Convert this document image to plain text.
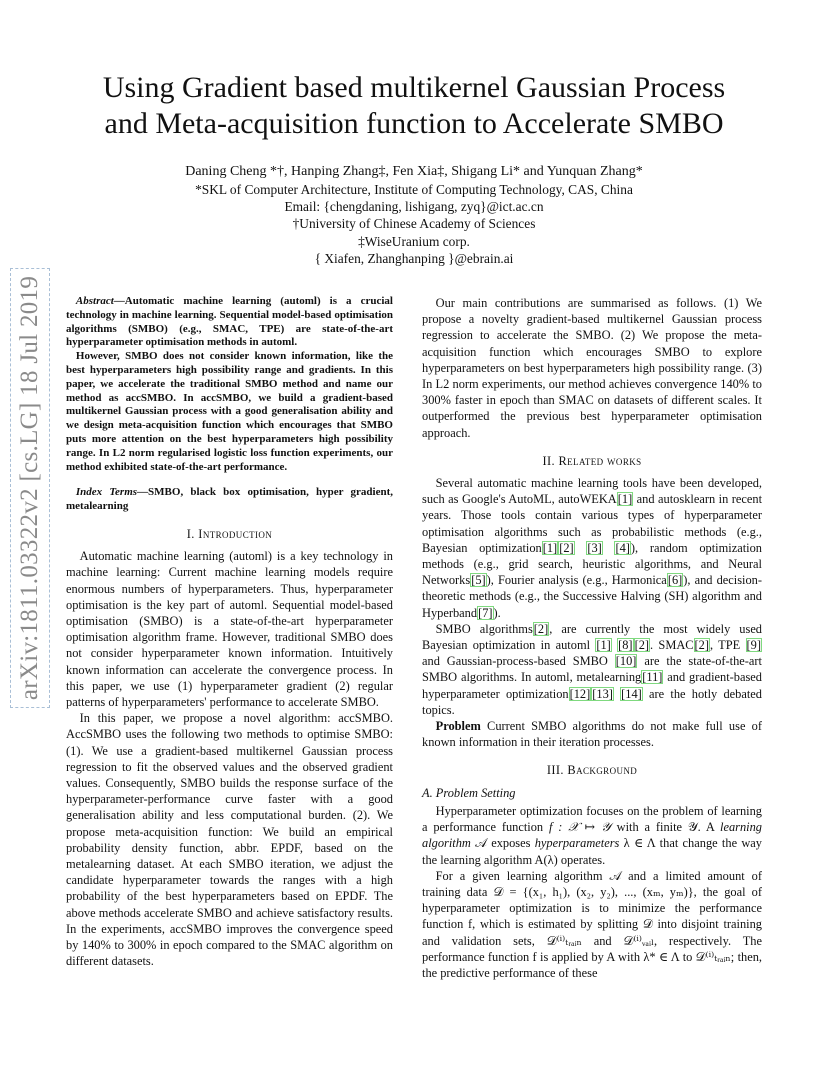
arXiv:1811.03322v2 [cs.LG] 18 Jul 2019
Using Gradient based multikernel Gaussian Process
and Meta-acquisition function to Accelerate SMBO
Daning Cheng *†, Hanping Zhang‡, Fen Xia‡, Shigang Li* and Yunquan Zhang*
*SKL of Computer Architecture, Institute of Computing Technology, CAS, China
Email: {chengdaning, lishigang, zyq}@ict.ac.cn
†University of Chinese Academy of Sciences
‡WiseUranium corp.
{ Xiafen, Zhanghanping }@ebrain.ai

Abstract—Automatic machine learning (automl) is a crucial technology in machine learning. Sequential model-based optimisation algorithms (SMBO) (e.g., SMAC, TPE) are state-of-the-art hyperparameter optimisation methods in automl.

However, SMBO does not consider known information, like the best hyperparameters high possibility range and gradients. In this paper, we accelerate the traditional SMBO method and name our method as accSMBO. In accSMBO, we build a gradient-based multikernel Gaussian process with a good generalisation ability and we design meta-acquisition function which encourages that SMBO puts more attention on the best hyperparameters high possibility range. In L2 norm regularised logistic loss function experiments, our method exhibited state-of-the-art performance.

Index Terms—SMBO, black box optimisation, hyper gradient, metalearning

I. Introduction

Automatic machine learning (automl) is a key technology in machine learning: Current machine learning models require enormous numbers of hyperparameters. Thus, hyperparameter optimisation is the key part of automl. Sequential model-based optimisation (SMBO) is a state-of-the-art hyperparameter optimisation algorithm frame. However, traditional SMBO does not consider hyperparameter known information. Intuitively known information can accelerate the convergence process. In this paper, we use (1) hyperparameter gradient (2) regular patterns of hyperparameters' performance to accelerate SMBO.

In this paper, we propose a novel algorithm: accSMBO. AccSMBO uses the following two methods to optimise SMBO: (1). We use a gradient-based multikernel Gaussian process regression to fit the observed values and the observed gradient values. Consequently, SMBO builds the response surface of the hyperparameter-performance curve faster with a good generalisation ability and less computational burden. (2). We propose meta-acquisition function: We build an empirical probability density function, abbr. EPDF, based on the metalearning dataset. At each SMBO iteration, we adjust the candidate hyperparameter towards the ranges with a high probability of the best hyperparameters based on EPDF. The above methods accelerate SMBO and achieve satisfactory results. In the experiments, accSMBO improves the convergence speed by 140% to 300% in epoch compared to the SMAC algorithm on different datasets.

Our main contributions are summarised as follows. (1) We propose a novelty gradient-based multikernel Gaussian process regression to accelerate the SMBO. (2) We propose the meta-acquisition function which encourages SMBO to explore hyperparameters on best hyperparameters high possibility range. (3) In L2 norm experiments, our method achieves convergence 140% to 300% faster in epoch than SMAC on datasets of different scales. It outperformed the previous best hyperparameter optimisation approach.

II. Related works

Several automatic machine learning tools have been developed, such as Google's AutoML, autoWEKA[1] and autosklearn in recent years. Those tools contain various types of hyperparameter optimisation algorithms such as probabilistic methods (e.g., Bayesian optimization[1] [2] [3] [4]), random optimization methods (e.g., grid search, heuristic algorithms, and Neural Networks[5]), Fourier analysis (e.g., Harmonica[6]), and decision-theoretic methods (e.g., the Successive Halving (SH) algorithm and Hyperband[7]).

SMBO algorithms[2], are currently the most widely used Bayesian optimization in automl [1] [8] [2]. SMAC[2], TPE [9] and Gaussian-process-based SMBO [10] are the state-of-the-art SMBO algorithms. In automl, metalearning[11] and gradient-based hyperparameter optimization[12] [13] [14] are the hotly debated topics.

Problem Current SMBO algorithms do not make full use of known information in their iteration processes.

III. Background
A. Problem Setting

Hyperparameter optimization focuses on the problem of learning a performance function f : 𝒳 ↦ 𝒴 with a finite 𝒴. A learning algorithm 𝒜 exposes hyperparameters λ ∈ Λ that change the way the learning algorithm A(λ) operates.

For a given learning algorithm 𝒜 and a limited amount of training data 𝒟 = {(x₁, h₁), (x₂, y₂), ..., (xₘ, yₘ)}, the goal of hyperparameter optimization is to minimize the performance function f, which is estimated by splitting 𝒟 into disjoint training and validation sets, 𝒟⁽ⁱ⁾ₜᵣₐᵢₙ and 𝒟⁽ⁱ⁾ᵥₐᵢₗ, respectively. The performance function f is applied by A with λ* ∈ Λ to 𝒟⁽ⁱ⁾ₜᵣₐᵢₙ; then, the predictive performance of these
